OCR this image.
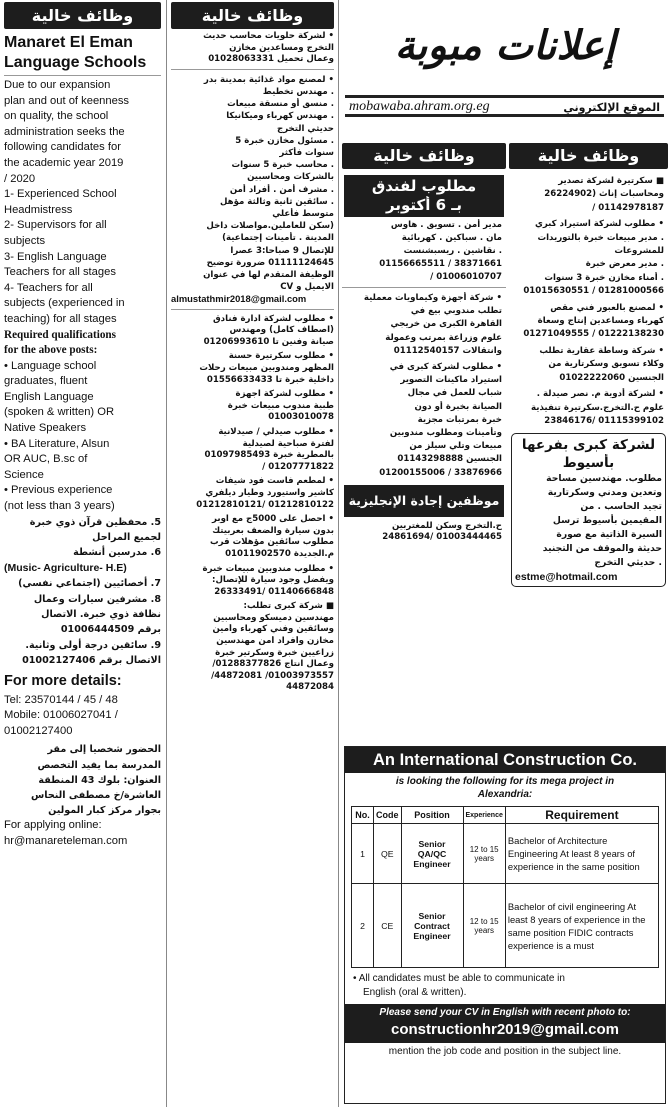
وظائف خالية
Manaret El Eman
Language Schools
Due to our expansion
plan and out of keenness
on quality, the school
administration seeks the
following candidates for
the academic year 2019
/ 2020
1- Experienced School
Headmistress
2- Supervisors for all
subjects
3- English Language
Teachers for all stages
4- Teachers for all
subjects (experienced in
teaching) for all stages
Required qualifications
for the above posts:
• Language school
graduates, fluent
English Language
(spoken & written) OR
Native Speakers
• BA Literature, Alsun
OR AUC, B.sc of
Science
• Previous experience
(not less than 3 years)
5. محفظين قرآن ذوي خبرة
لجميع المراحل
6. مدرسين أنشطة
(Music- Agriculture- H.E)
7. أخصائيين (اجتماعي نفسي)
8. مشرفين سيارات وعمال
نظافة ذوي خبرة. الاتصال
برقم 01006444509
9. سائقين درجة أولى وثانية.
الاتصال برقم 01002127406
For more details:
Tel: 23570144 / 45 / 48
Mobile: 01006027041 /
01002127400
الحضور شخصيا إلى مقر
المدرسة بما يفيد التخصص
العنوان: بلوك 43 المنطقة
العاشرة/خ مصطفى النحاس
بجوار مركز كبار المولين
For applying online:
hr@manareteleman.com
وظائف خالية
• لشركة حلويات محاسب حديث
التخرج ومساعدين مخازن
وعمال تحميل 01028063331
• لمصنع مواد غذائية بمدينة بدر
. مهندس تخطيط
. منسق أو منسقة مبيعات
. مهندس كهرباء وميكانيكا
حديثي التخرج
. مسئول مخازن خبرة 5
سنوات فأكثر
. محاسب خبرة 5 سنوات
بالشركات ومحاسبين
. مشرف أمن . أفراد أمن
. سائقين ثانية وثالثة مؤهل
متوسط فأعلي
(سكن للعاملين.مواصلات داخل
المدينة . تأمينات إجتماعية)
للإتصال 9 صباحا:3 عصرا
01111124645 ضرورة توضيح
الوظيفة المتقدم لها في عنوان
الايميل و CV
almustathmir2018@gmail.com
• مطلوب لشركة ادارة فنادق
(اصطاف كامل) ومهندس
صيانة وفنين تا 01206993610
• مطلوب سكرتيرة حسنة
المظهر ومندوبين مبيعات رحلات
داخلية خبرة تا 01556633433
• مطلوب لشركة اجهزة
طبية مندوب مبيعات خبرة
01003010078
• مطلوب صيدلي / صيدلانية
لفترة صباحية لصيدلية
بالمطرية خبرة 01097985493
01207771822 /
• لمطعم فاست فود شيفات
كاشير واستيورد وطيار ديلفري
01212810122 /01212810121
• احصل على 5000ج مع اوبر
بدون سيارة والضعف بعربيتك
مطلوب سائقين مؤهلات قرب
م.الجديدة 01011902570
• مطلوب مندوبين مبيعات خبرة
ويفضل وجود سيارة للإتصال:
01140666848 /26333491
■ شركة كبرى تطلب:
مهندسين دميسكو ومحاسبين
وسائقين وفني كهرباء وأمين
مخازن وأفراد أمن مهندسين
زراعيين خبرة وسكرتير خبرة
وعمال انتاج 01288377826/
01003973557/ 44872081/
44872084
إعلانات مبوبة
mobawaba.ahram.org.eg	الموقع الإلكتروني
وظائف خالية
مطلوب لفندق
بـ 6 أكتوبر
مدير أمن . تسويق . هاوس
مان . سباكين . كهربائية
. نقاشين . ريسبشنست
38371661 / 01156665511
01006010707 /
• شركة أجهزة وكيماويات معملية
تطلب مندوبي بيع في
القاهرة الكبرى من خريجي
علوم وزراعة بمرتب وعمولة
وانتقالات 01112540157
• مطلوب لشركة كبرى في
استيراد ماكينات التصوير
شباب للعمل في مجال
الصيانة بخبرة أو دون
خبرة بمرتبات مجزية
وتأمينات ومطلوب مندوبين
مبيعات وتلي سيلز من
الجنسين 01143298888
33876966 / 01200155006
موظفين إجادة الإنجليزية
ح.التخرج وسكن للمغتربين
01003444465 /24861694
وظائف خالية
■ سكرتيرة لشركة تصدير
ومحاسبات إناث (26224902
01142978187 /
• مطلوب لشركة استيراد كبري
. مدير مبيعات خبرة بالتوريدات
للمشروعات
. مدير معرض خبرة
. أمناء مخازن خبرة 3 سنوات
01281000566 / 01015630551
• لمصنع بالعبور فني مقص
كهرباء ومساعدين إنتاج وسعاة
01222138230 / 01271049555
• شركة وساطة عقارية تطلب
وكلاء تسويق وسكرتارية من
الجنسين 01022222060
• لشركة أدوية م. نصر صيدلة .
علوم ح.التخرج.سكرتيرة تنفيذية
01115399102 /23846176
لشركة كبرى بفرعها
بأسيوط
مطلوب. مهندسين مساحة
وتعدين ومدني وسكرتارية
تجيد الحاسب . من
المقيمين بأسيوط ترسل
السيرة الذاتية مع صورة
حديثة والموقف من التجنيد
. حديثي التخرج
estme@hotmail.com
An International Construction Co.
is looking the following for its mega project in
Alexandria:
No.	Code	Position	Experience	Requirement
1	QE	Senior QA/QC Engineer	12 to 15 years	Bachelor of Architecture Engineering At least 8 years of experience in the same position
2	CE	Senior Contract Engineer	12 to 15 years	Bachelor of civil engineering At least 8 years of experience in the same position FIDIC contracts experience is a must
• All candidates must be able to communicate in
English (oral & written).
Please send your CV in English with recent photo to:
constructionhr2019@gmail.com
mention the job code and position in the subject line.
